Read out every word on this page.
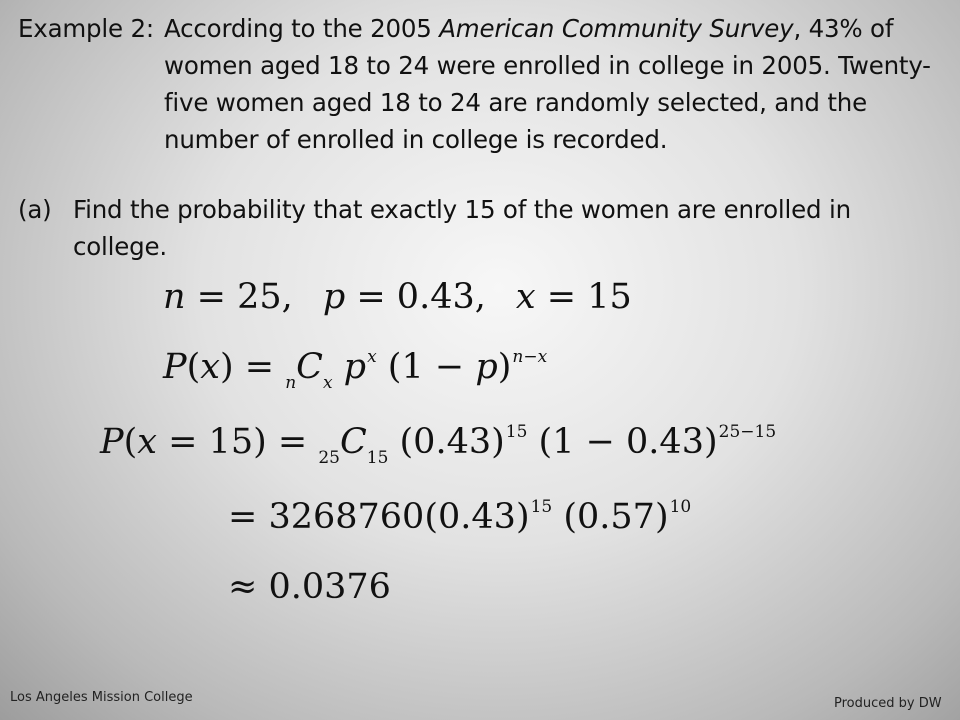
Example 2: According to the 2005 American Community Survey, 43% of women aged 18 to 24 were enrolled in college in 2005. Twenty-five women aged 18 to 24 are randomly selected, and the number of enrolled in college is recorded.
(a) Find the probability that exactly 15 of the women are enrolled in college.
n = 25, p = 0.43, x = 15
$P(x) = _nC_x$ $p^x$ $(1 - p)^{n-x}$
$P(x = 15) = _{25}C_{15}$ $(0.43)^{15}$ $(1 - 0.43)^{25-15}$
= $3268760(0.43)^{15}$ $(0.57)^{10}$
≈ 0.0376
Los Angeles Mission College	Produced by DW
